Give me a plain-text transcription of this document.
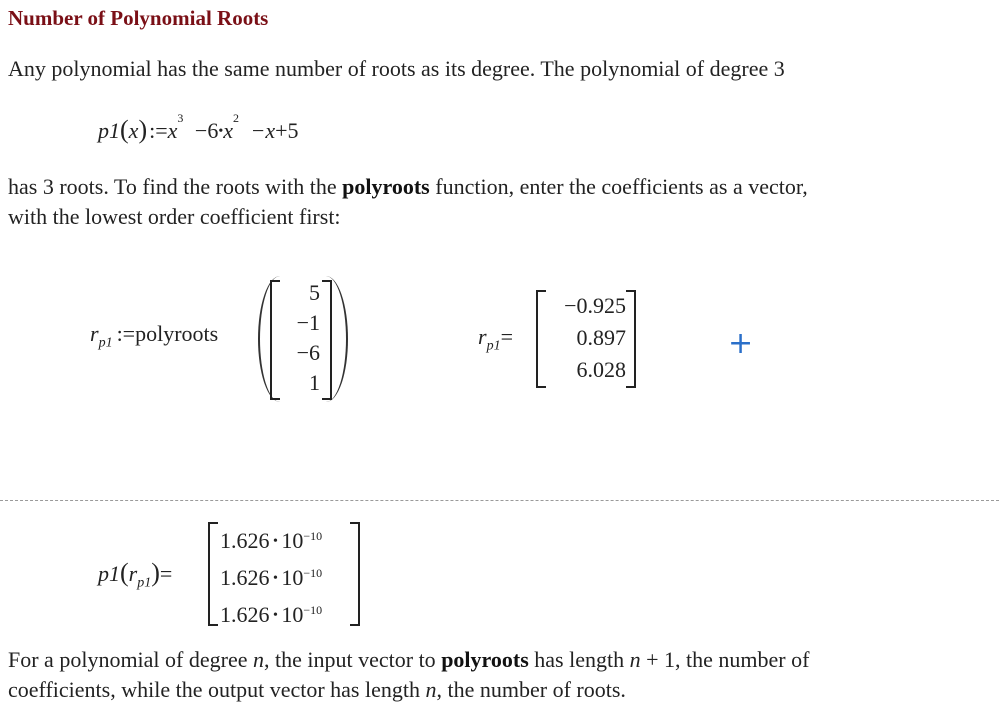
Number of Polynomial Roots
Any polynomial has the same number of roots as its degree. The polynomial of degree 3
$p1(x):=x^3$ $-6•x^2 -x+5$
has 3 roots. To find the roots with the polyroots function, enter the coefficients as a vector,
with the lowest order coefficient first:
$r_{p1}$ :=polyroots
5
−1
−6
1
$r_{p1}=$
−0.925
0.897
6.028
+
$p1(r_{p1})=$
1.626 • $10^{-10}$
1.626 • $10^{-10}$
1.626 • $10^{-10}$
For a polynomial of degree n, the input vector to polyroots has length n + 1, the number of
coefficients, while the output vector has length n, the number of roots.
